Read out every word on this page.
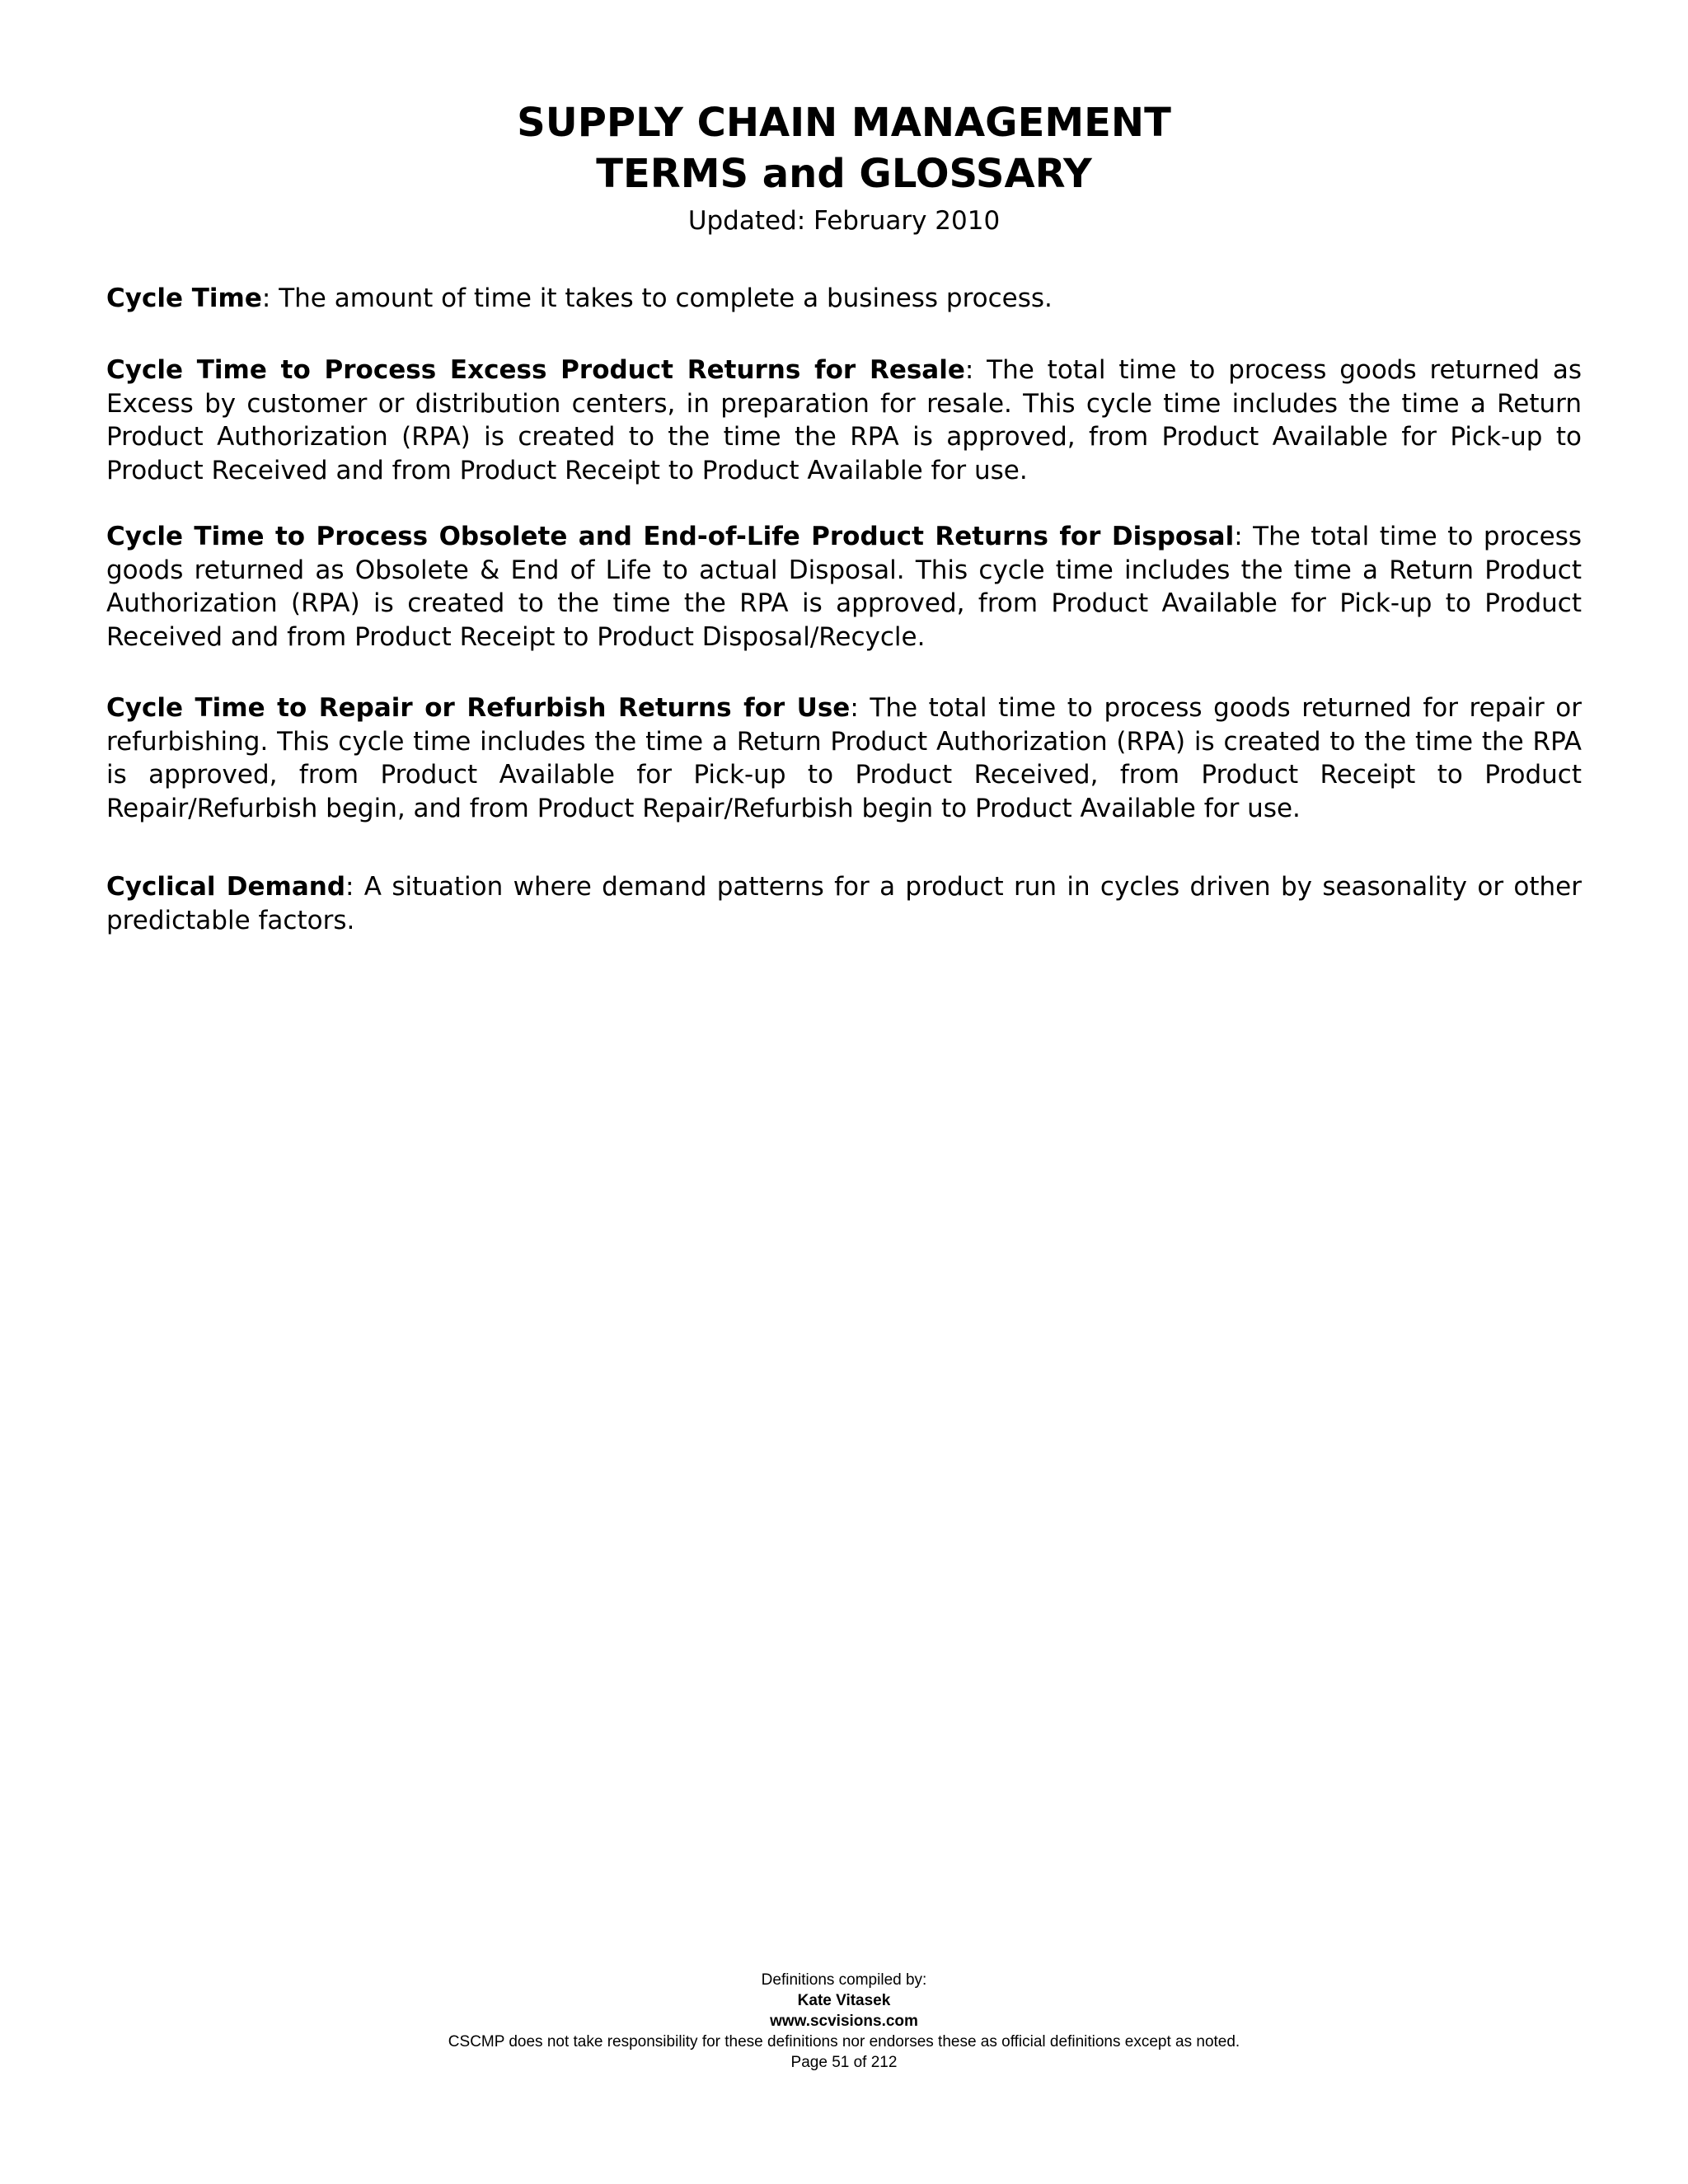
SUPPLY CHAIN MANAGEMENT
TERMS and GLOSSARY
Updated: February 2010

Cycle Time: The amount of time it takes to complete a business process.

Cycle Time to Process Excess Product Returns for Resale: The total time to process goods returned as Excess by customer or distribution centers, in preparation for resale. This cycle time includes the time a Return Product Authorization (RPA) is created to the time the RPA is approved, from Product Available for Pick-up to Product Received and from Product Receipt to Product Available for use.

Cycle Time to Process Obsolete and End-of-Life Product Returns for Disposal: The total time to process goods returned as Obsolete & End of Life to actual Disposal. This cycle time includes the time a Return Product Authorization (RPA) is created to the time the RPA is approved, from Product Available for Pick-up to Product Received and from Product Receipt to Product Disposal/Recycle.

Cycle Time to Repair or Refurbish Returns for Use: The total time to process goods returned for repair or refurbishing. This cycle time includes the time a Return Product Authorization (RPA) is created to the time the RPA is approved, from Product Available for Pick-up to Product Received, from Product Receipt to Product Repair/Refurbish begin, and from Product Repair/Refurbish begin to Product Available for use.

Cyclical Demand: A situation where demand patterns for a product run in cycles driven by seasonality or other predictable factors.

Definitions compiled by:
Kate Vitasek
www.scvisions.com
CSCMP does not take responsibility for these definitions nor endorses these as official definitions except as noted.
Page 51 of 212
